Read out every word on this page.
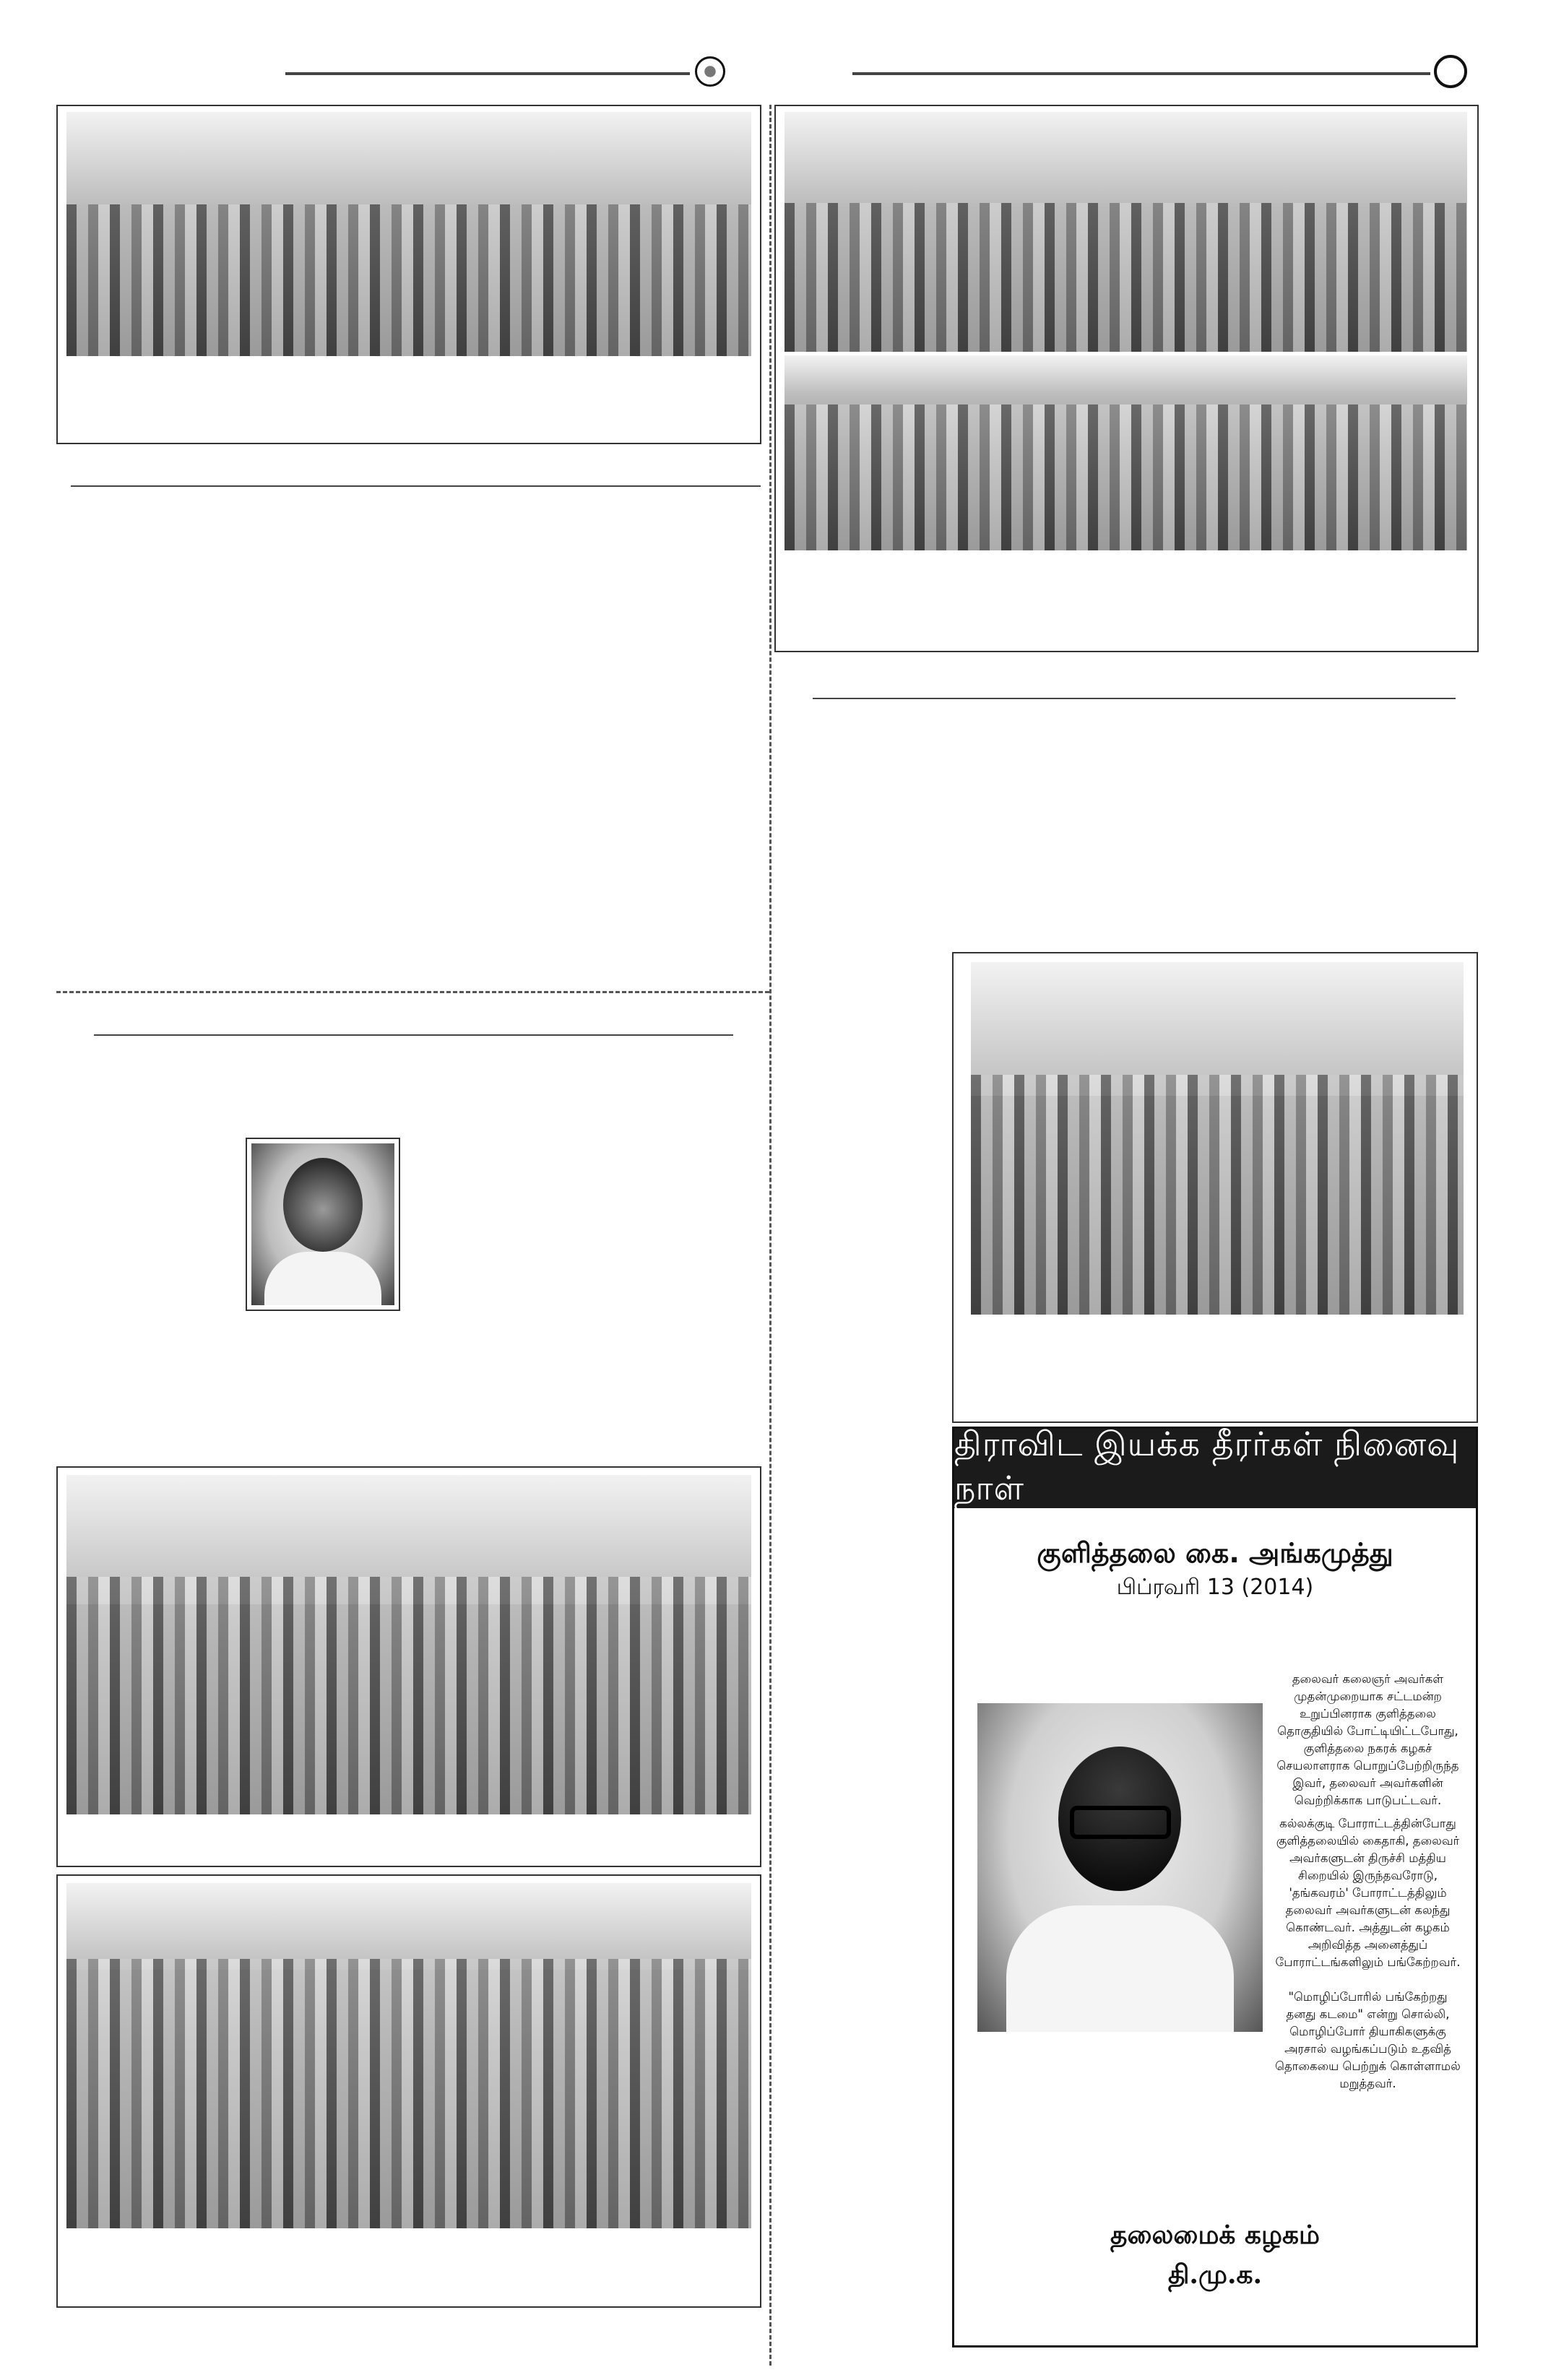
திராவிட இயக்க தீரர்கள் நினைவு நாள்
குளித்தலை கை. அங்கமுத்து
பிப்ரவரி 13 (2014)
தலைவர் கலைஞர் அவர்கள் முதன்முறையாக சட்டமன்ற உறுப்பினராக குளித்தலை தொகுதியில் போட்டியிட்டபோது, குளித்தலை நகரக் கழகச் செயலாளராக பொறுப்பேற்றிருந்த இவர், தலைவர் அவர்களின் வெற்றிக்காக பாடுபட்டவர்.
கல்லக்குடி போராட்டத்தின்போது குளித்தலையில் கைதாகி, தலைவர் அவர்களுடன் திருச்சி மத்திய சிறையில் இருந்தவரோடு, 'தங்கவரம்' போராட்டத்திலும் தலைவர் அவர்களுடன் கலந்து கொண்டவர். அத்துடன் கழகம் அறிவித்த அனைத்துப் போராட்டங்களிலும் பங்கேற்றவர்.
"மொழிப்போரில் பங்கேற்றது தனது கடமை" என்று சொல்லி, மொழிப்போர் தியாகிகளுக்கு அரசால் வழங்கப்படும் உதவித் தொகையை பெற்றுக் கொள்ளாமல் மறுத்தவர்.
தலைமைக் கழகம்
தி.மு.க.
